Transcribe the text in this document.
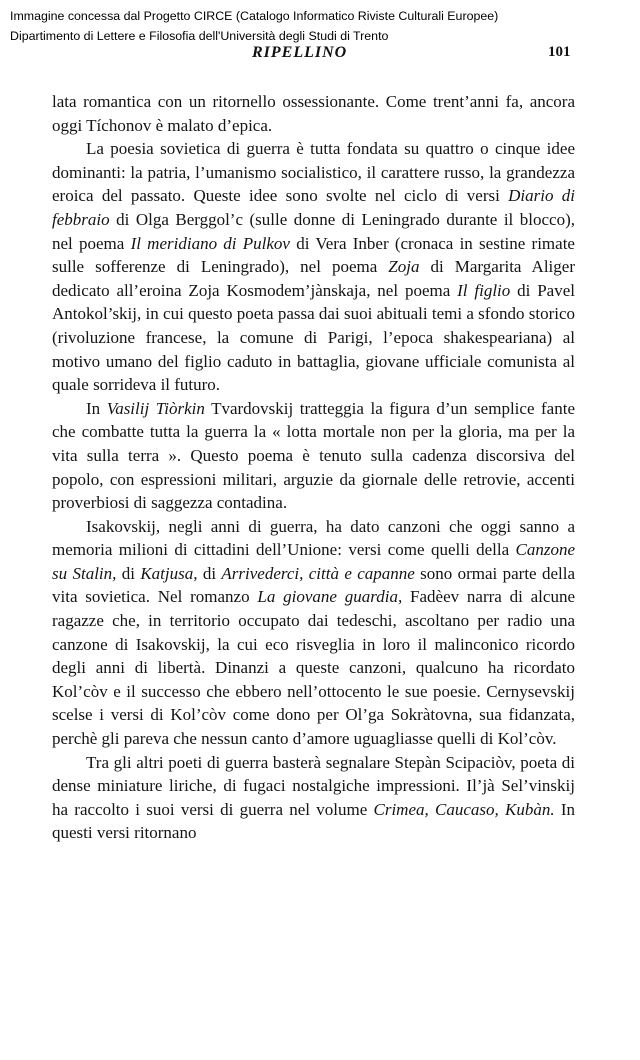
Immagine concessa dal Progetto CIRCE (Catalogo Informatico Riviste Culturali Europee)
Dipartimento di Lettere e Filosofia dell'Università degli Studi di Trento
RIPELLINO	101

lata romantica con un ritornello ossessionante. Come trent’anni fa, ancora oggi Tíchonov è malato d’epica.

La poesia sovietica di guerra è tutta fondata su quattro o cinque idee dominanti: la patria, l’umanismo socialistico, il carattere russo, la grandezza eroica del passato. Queste idee sono svolte nel ciclo di versi Diario di febbraio di Olga Berggol’c (sulle donne di Leningrado durante il blocco), nel poema Il meridiano di Pulkov di Vera Inber (cronaca in sestine rimate sulle sofferenze di Leningrado), nel poema Zoja di Margarita Aliger dedicato all’eroina Zoja Kosmodem’jànskaja, nel poema Il figlio di Pavel Antokol’skij, in cui questo poeta passa dai suoi abituali temi a sfondo storico (rivoluzione francese, la comune di Parigi, l’epoca shakespeariana) al motivo umano del figlio caduto in battaglia, giovane ufficiale comunista al quale sorrideva il futuro.

In Vasilij Tiòrkin Tvardovskij tratteggia la figura d’un semplice fante che combatte tutta la guerra la « lotta mortale non per la gloria, ma per la vita sulla terra ». Questo poema è tenuto sulla cadenza discorsiva del popolo, con espressioni militari, arguzie da giornale delle retrovie, accenti proverbiosi di saggezza contadina.

Isakovskij, negli anni di guerra, ha dato canzoni che oggi sanno a memoria milioni di cittadini dell’Unione: versi come quelli della Canzone su Stalin, di Katjusa, di Arrivederci, città e capanne sono ormai parte della vita sovietica. Nel romanzo La giovane guardia, Fadèev narra di alcune ragazze che, in territorio occupato dai tedeschi, ascoltano per radio una canzone di Isakovskij, la cui eco risveglia in loro il malinconico ricordo degli anni di libertà. Dinanzi a queste canzoni, qualcuno ha ricordato Kol’còv e il successo che ebbero nell’ottocento le sue poesie. Cernysevskij scelse i versi di Kol’còv come dono per Ol’ga Sokràtovna, sua fidanzata, perchè gli pareva che nessun canto d’amore uguagliasse quelli di Kol’còv.

Tra gli altri poeti di guerra basterà segnalare Stepàn Scipaciòv, poeta di dense miniature liriche, di fugaci nostalgiche impressioni. Il’jà Sel’vinskij ha raccolto i suoi versi di guerra nel volume Crimea, Caucaso, Kubàn. In questi versi ritornano
